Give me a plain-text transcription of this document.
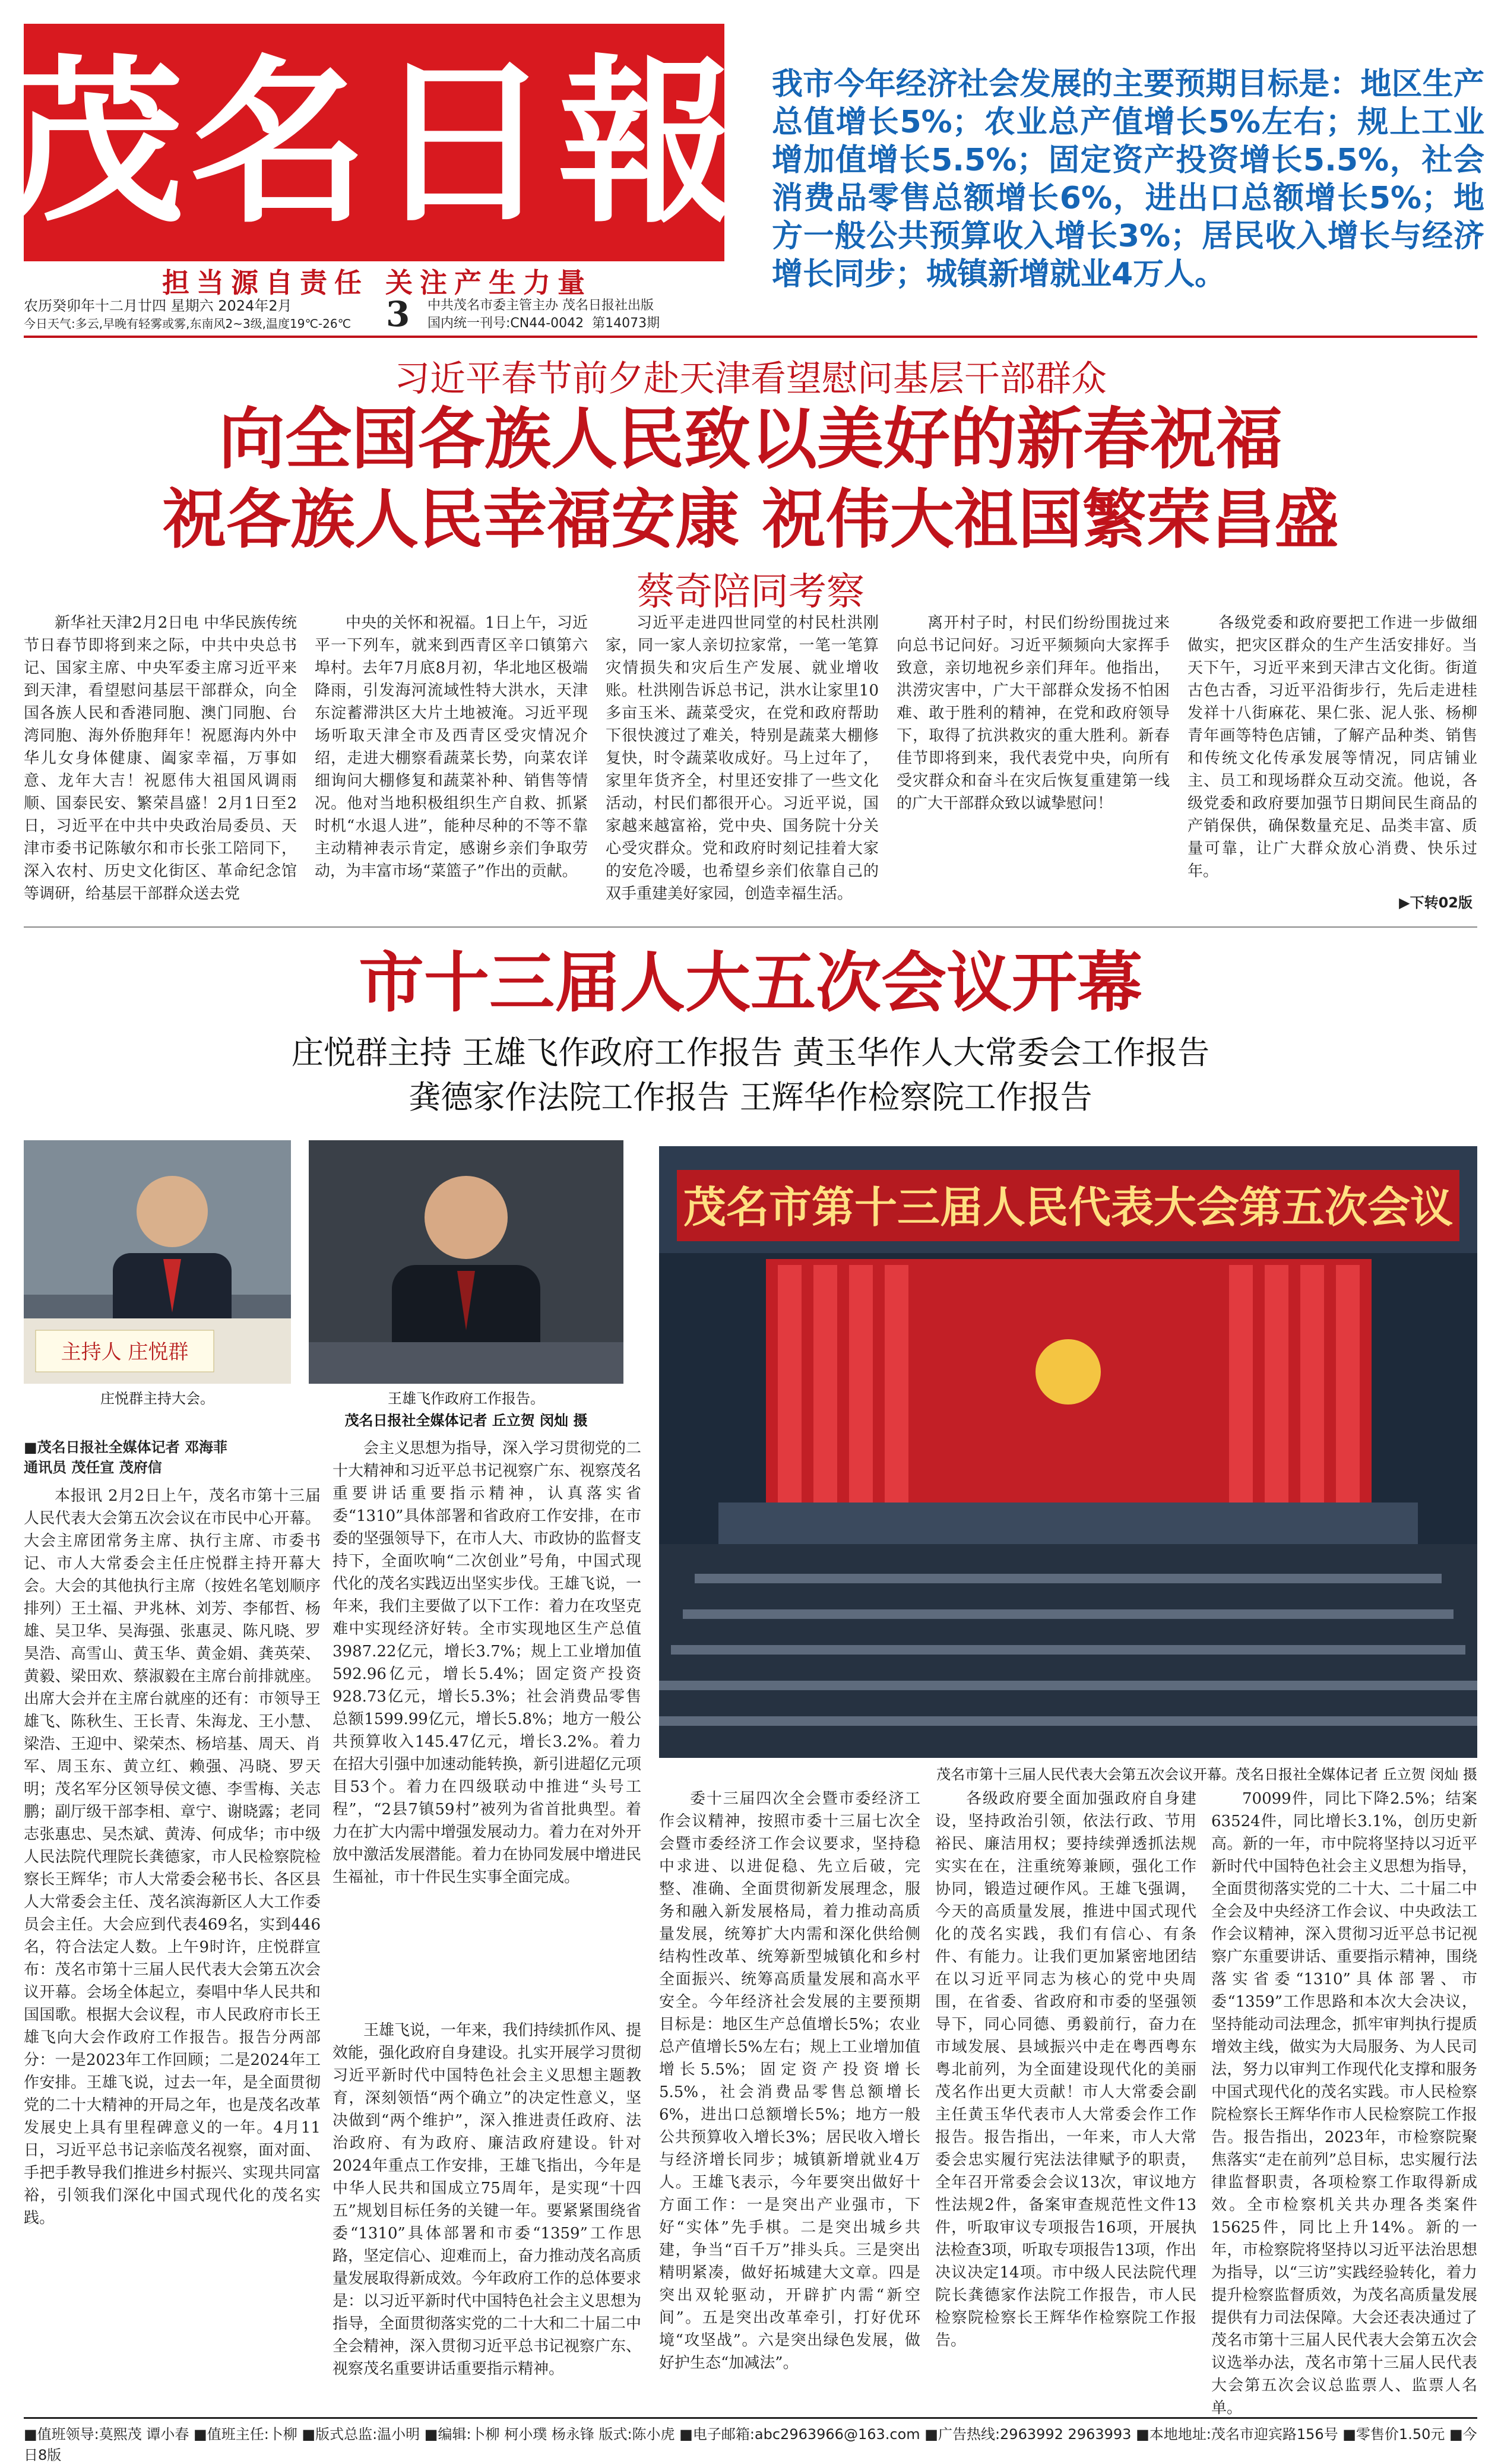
茂名日報
担当源自责任 关注产生力量
农历癸卯年十二月廿四 星期六 2024年2月
今日天气:多云,早晚有轻雾或雾,东南风2~3级,温度19℃-26℃	3	中共茂名市委主管主办 茂名日报社出版
国内统一刊号:CN44-0042 第14073期
我市今年经济社会发展的主要预期目标是：地区生产总值增长5%；农业总产值增长5%左右；规上工业增加值增长5.5%；固定资产投资增长5.5%，社会消费品零售总额增长6%，进出口总额增长5%；地方一般公共预算收入增长3%；居民收入增长与经济增长同步；城镇新增就业4万人。
习近平春节前夕赴天津看望慰问基层干部群众
向全国各族人民致以美好的新春祝福
祝各族人民幸福安康 祝伟大祖国繁荣昌盛
蔡奇陪同考察

新华社天津2月2日电 中华民族传统节日春节即将到来之际，中共中央总书记、国家主席、中央军委主席习近平来到天津，看望慰问基层干部群众，向全国各族人民和香港同胞、澳门同胞、台湾同胞、海外侨胞拜年！祝愿海内外中华儿女身体健康、阖家幸福，万事如意、龙年大吉！祝愿伟大祖国风调雨顺、国泰民安、繁荣昌盛！2月1日至2日，习近平在中共中央政治局委员、天津市委书记陈敏尔和市长张工陪同下，深入农村、历史文化街区、革命纪念馆等调研，给基层干部群众送去党

中央的关怀和祝福。1日上午，习近平一下列车，就来到西青区辛口镇第六埠村。去年7月底8月初，华北地区极端降雨，引发海河流域性特大洪水，天津东淀蓄滞洪区大片土地被淹。习近平现场听取天津全市及西青区受灾情况介绍，走进大棚察看蔬菜长势，向菜农详细询问大棚修复和蔬菜补种、销售等情况。他对当地积极组织生产自救、抓紧时机“水退人进”，能种尽种的不等不靠主动精神表示肯定，感谢乡亲们争取劳动，为丰富市场“菜篮子”作出的贡献。

习近平走进四世同堂的村民杜洪刚家，同一家人亲切拉家常，一笔一笔算灾情损失和灾后生产发展、就业增收账。杜洪刚告诉总书记，洪水让家里10多亩玉米、蔬菜受灾，在党和政府帮助下很快渡过了难关，特别是蔬菜大棚修复快，时令蔬菜收成好。马上过年了，家里年货齐全，村里还安排了一些文化活动，村民们都很开心。习近平说，国家越来越富裕，党中央、国务院十分关心受灾群众。党和政府时刻记挂着大家的安危冷暖，也希望乡亲们依靠自己的双手重建美好家园，创造幸福生活。

离开村子时，村民们纷纷围拢过来向总书记问好。习近平频频向大家挥手致意，亲切地祝乡亲们拜年。他指出，洪涝灾害中，广大干部群众发扬不怕困难、敢于胜利的精神，在党和政府领导下，取得了抗洪救灾的重大胜利。新春佳节即将到来，我代表党中央，向所有受灾群众和奋斗在灾后恢复重建第一线的广大干部群众致以诚挚慰问！

各级党委和政府要把工作进一步做细做实，把灾区群众的生产生活安排好。当天下午，习近平来到天津古文化街。街道古色古香，习近平沿街步行，先后走进桂发祥十八街麻花、果仁张、泥人张、杨柳青年画等特色店铺，了解产品种类、销售和传统文化传承发展等情况，同店铺业主、员工和现场群众互动交流。他说，各级党委和政府要加强节日期间民生商品的产销保供，确保数量充足、品类丰富、质量可靠，让广大群众放心消费、快乐过年。

▶下转02版
市十三届人大五次会议开幕
庄悦群主持 王雄飞作政府工作报告 黄玉华作人大常委会工作报告
龚德家作法院工作报告 王辉华作检察院工作报告
主持人 庄悦群
庄悦群主持大会。	王雄飞作政府工作报告。
茂名日报社全媒体记者 丘立贺 闵灿 摄
茂名市第十三届人民代表大会第五次会议
茂名市第十三届人民代表大会第五次会议开幕。茂名日报社全媒体记者 丘立贺 闵灿 摄
■茂名日报社全媒体记者 邓海菲
通讯员 茂任宣 茂府信

本报讯 2月2日上午，茂名市第十三届人民代表大会第五次会议在市民中心开幕。大会主席团常务主席、执行主席、市委书记、市人大常委会主任庄悦群主持开幕大会。大会的其他执行主席（按姓名笔划顺序排列）王土福、尹兆林、刘芳、李郁哲、杨雄、吴卫华、吴海强、张惠灵、陈凡晓、罗昊浩、高雪山、黄玉华、黄金娟、龚英荣、黄毅、梁田欢、蔡淑毅在主席台前排就座。出席大会并在主席台就座的还有：市领导王雄飞、陈秋生、王长青、朱海龙、王小慧、梁浩、王迎中、梁荣杰、杨培基、周天、肖军、周玉东、黄立红、赖强、冯晓、罗天明；茂名军分区领导侯文德、李雪梅、关志鹏；副厅级干部李相、章宁、谢晓露；老同志张惠忠、吴杰斌、黄涛、何成华；市中级人民法院代理院长龚德家，市人民检察院检察长王辉华；市人大常委会秘书长、各区县人大常委会主任、茂名滨海新区人大工作委员会主任。大会应到代表469名，实到446名，符合法定人数。上午9时许，庄悦群宣布：茂名市第十三届人民代表大会第五次会议开幕。会场全体起立，奏唱中华人民共和国国歌。根据大会议程，市人民政府市长王雄飞向大会作政府工作报告。报告分两部分：一是2023年工作回顾；二是2024年工作安排。王雄飞说，过去一年，是全面贯彻党的二十大精神的开局之年，也是茂名改革发展史上具有里程碑意义的一年。4月11日，习近平总书记亲临茂名视察，面对面、手把手教导我们推进乡村振兴、实现共同富裕，引领我们深化中国式现代化的茂名实践。

会主义思想为指导，深入学习贯彻党的二十大精神和习近平总书记视察广东、视察茂名重要讲话重要指示精神，认真落实省委“1310”具体部署和省政府工作安排，在市委的坚强领导下，在市人大、市政协的监督支持下，全面吹响“二次创业”号角，中国式现代化的茂名实践迈出坚实步伐。王雄飞说，一年来，我们主要做了以下工作：着力在攻坚克难中实现经济好转。全市实现地区生产总值3987.22亿元，增长3.7%；规上工业增加值592.96亿元，增长5.4%；固定资产投资928.73亿元，增长5.3%；社会消费品零售总额1599.99亿元，增长5.8%；地方一般公共预算收入145.47亿元，增长3.2%。着力在招大引强中加速动能转换，新引进超亿元项目53个。着力在四级联动中推进“头号工程”，“2县7镇59村”被列为省首批典型。着力在扩大内需中增强发展动力。着力在对外开放中激活发展潜能。着力在协同发展中增进民生福祉，市十件民生实事全面完成。

委十三届四次全会暨市委经济工作会议精神，按照市委十三届七次全会暨市委经济工作会议要求，坚持稳中求进、以进促稳、先立后破，完整、准确、全面贯彻新发展理念，服务和融入新发展格局，着力推动高质量发展，统筹扩大内需和深化供给侧结构性改革、统筹新型城镇化和乡村全面振兴、统筹高质量发展和高水平安全。今年经济社会发展的主要预期目标是：地区生产总值增长5%；农业总产值增长5%左右；规上工业增加值增长5.5%；固定资产投资增长5.5%，社会消费品零售总额增长6%，进出口总额增长5%；地方一般公共预算收入增长3%；居民收入增长与经济增长同步；城镇新增就业4万人。王雄飞表示，今年要突出做好十方面工作：一是突出产业强市，下好“实体”先手棋。二是突出城乡共建，争当“百千万”排头兵。三是突出精明紧凑，做好拓城建大文章。四是突出双轮驱动，开辟扩内需“新空间”。五是突出改革牵引，打好优环境“攻坚战”。六是突出绿色发展，做好护生态“加减法”。

各级政府要全面加强政府自身建设，坚持政治引领，依法行政、节用裕民、廉洁用权；要持续弹透抓法规实实在在，注重统筹兼顾，强化工作协同，锻造过硬作风。王雄飞强调，今天的高质量发展，推进中国式现代化的茂名实践，我们有信心、有条件、有能力。让我们更加紧密地团结在以习近平同志为核心的党中央周围，在省委、省政府和市委的坚强领导下，同心同德、勇毅前行，奋力在市域发展、县域振兴中走在粤西粤东粤北前列，为全面建设现代化的美丽茂名作出更大贡献！市人大常委会副主任黄玉华代表市人大常委会作工作报告。报告指出，一年来，市人大常委会忠实履行宪法法律赋予的职责，全年召开常委会会议13次，审议地方性法规2件，备案审查规范性文件13件，听取审议专项报告16项，开展执法检查3项，听取专项报告13项，作出决议决定14项。市中级人民法院代理院长龚德家作法院工作报告，市人民检察院检察长王辉华作检察院工作报告。

70099件，同比下降2.5%；结案63524件，同比增长3.1%，创历史新高。新的一年，市中院将坚持以习近平新时代中国特色社会主义思想为指导，全面贯彻落实党的二十大、二十届二中全会及中央经济工作会议、中央政法工作会议精神，深入贯彻习近平总书记视察广东重要讲话、重要指示精神，围绕落实省委“1310”具体部署、市委“1359”工作思路和本次大会决议，坚持能动司法理念，抓牢审判执行提质增效主线，做实为大局服务、为人民司法，努力以审判工作现代化支撑和服务中国式现代化的茂名实践。市人民检察院检察长王辉华作市人民检察院工作报告。报告指出，2023年，市检察院聚焦落实“走在前列”总目标，忠实履行法律监督职责，各项检察工作取得新成效。全市检察机关共办理各类案件15625件，同比上升14%。新的一年，市检察院将坚持以习近平法治思想为指导，以“三访”实践经验转化，着力提升检察监督质效，为茂名高质量发展提供有力司法保障。大会还表决通过了茂名市第十三届人民代表大会第五次会议选举办法，茂名市第十三届人民代表大会第五次会议总监票人、监票人名单。

王雄飞说，一年来，我们持续抓作风、提效能，强化政府自身建设。扎实开展学习贯彻习近平新时代中国特色社会主义思想主题教育，深刻领悟“两个确立”的决定性意义，坚决做到“两个维护”，深入推进责任政府、法治政府、有为政府、廉洁政府建设。针对2024年重点工作安排，王雄飞指出，今年是中华人民共和国成立75周年，是实现“十四五”规划目标任务的关键一年。要紧紧围绕省委“1310”具体部署和市委“1359”工作思路，坚定信心、迎难而上，奋力推动茂名高质量发展取得新成效。今年政府工作的总体要求是：以习近平新时代中国特色社会主义思想为指导，全面贯彻落实党的二十大和二十届二中全会精神，深入贯彻习近平总书记视察广东、视察茂名重要讲话重要指示精神。

■值班领导:莫熙茂 谭小春 ■值班主任:卜柳 ■版式总监:温小明 ■编辑:卜柳 柯小璞 杨永锋 版式:陈小虎 ■电子邮箱:abc2963966@163.com ■广告热线:2963992 2963993 ■本地地址:茂名市迎宾路156号 ■零售价1.50元 ■今日8版
